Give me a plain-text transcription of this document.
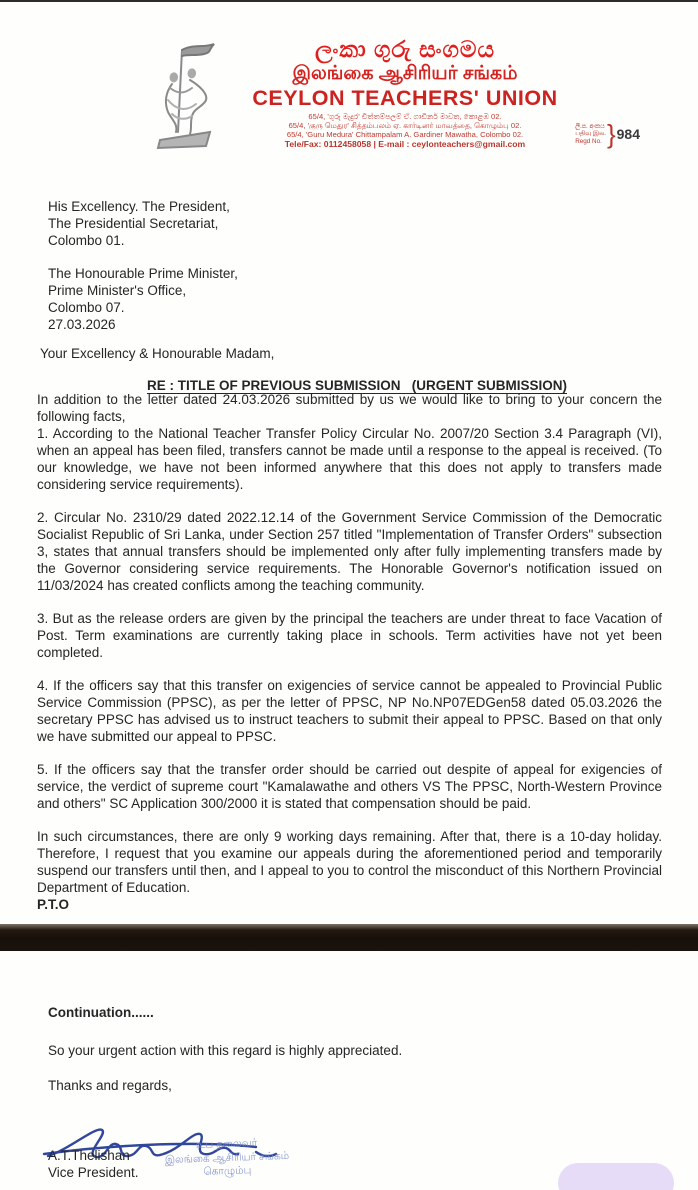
ලංකා ගුරු සංගමය
இலங்கை ஆசிரியர் சங்கம்
CEYLON TEACHERS' UNION
65/4, 'ගුරු මැදුර' චිත්තම්පලම් ඒ. ගාඩිනර් මාවත, කොළඹ 02.
65/4, 'குரு மெதுர' சித்தம்பலம் ஏ. கார்டினர் மாவத்தை, கொழும்பு 02.
65/4, 'Guru Medura' Chittampalam A. Gardiner Mawatha, Colombo 02.
Tele/Fax: 0112458058 | E-mail : ceylonteachers@gmail.com
ලි.ප. අංකය
பதிவு இல.
Regd No. } 984
His Excellency. The President,
The Presidential Secretariat,
Colombo 01.
The Honourable Prime Minister,
Prime Minister's Office,
Colombo 07.
27.03.2026
Your Excellency & Honourable Madam,

RE : TITLE OF PREVIOUS SUBMISSION   (URGENT SUBMISSION)

In addition to the letter dated 24.03.2026 submitted by us we would like to bring to your concern the following facts,

1. According to the National Teacher Transfer Policy Circular No. 2007/20 Section 3.4 Paragraph (VI), when an appeal has been filed, transfers cannot be made until a response to the appeal is received. (To our knowledge, we have not been informed anywhere that this does not apply to transfers made considering service requirements).

2. Circular No. 2310/29 dated 2022.12.14 of the Government Service Commission of the Democratic Socialist Republic of Sri Lanka, under Section 257 titled "Implementation of Transfer Orders" subsection 3, states that annual transfers should be implemented only after fully implementing transfers made by the Governor considering service requirements. The Honorable Governor's notification issued on 11/03/2024 has created conflicts among the teaching community.

3. But as the release orders are given by the principal the teachers are under threat to face Vacation of Post. Term examinations are currently taking place in schools. Term activities have not yet been completed.

4. If the officers say that this transfer on exigencies of service cannot be appealed to Provincial Public Service Commission (PPSC), as per the letter of PPSC, NP No.NP07EDGen58 dated 05.03.2026 the secretary PPSC has advised us to instruct teachers to submit their appeal to PPSC. Based on that only we have submitted our appeal to PPSC.

5. If the officers say that the transfer order should be carried out despite of appeal for exigencies of service, the verdict of supreme court "Kamalawathe and others VS The PPSC, North-Western Province and others" SC Application 300/2000 it is stated that compensation should be paid.

In such circumstances, there are only 9 working days remaining. After that, there is a 10-day holiday. Therefore, I request that you examine our appeals during the aforementioned period and temporarily suspend our transfers until then, and I appeal to you to control the misconduct of this Northern Provincial Department of Education.

P.T.O

Continuation......
So your urgent action with this regard is highly appreciated.
Thanks and regards,
உப தலைவர்
இலங்கை ஆசிரியர் சங்கம்
கொழும்பு
A.T.Thelishan
Vice President.
